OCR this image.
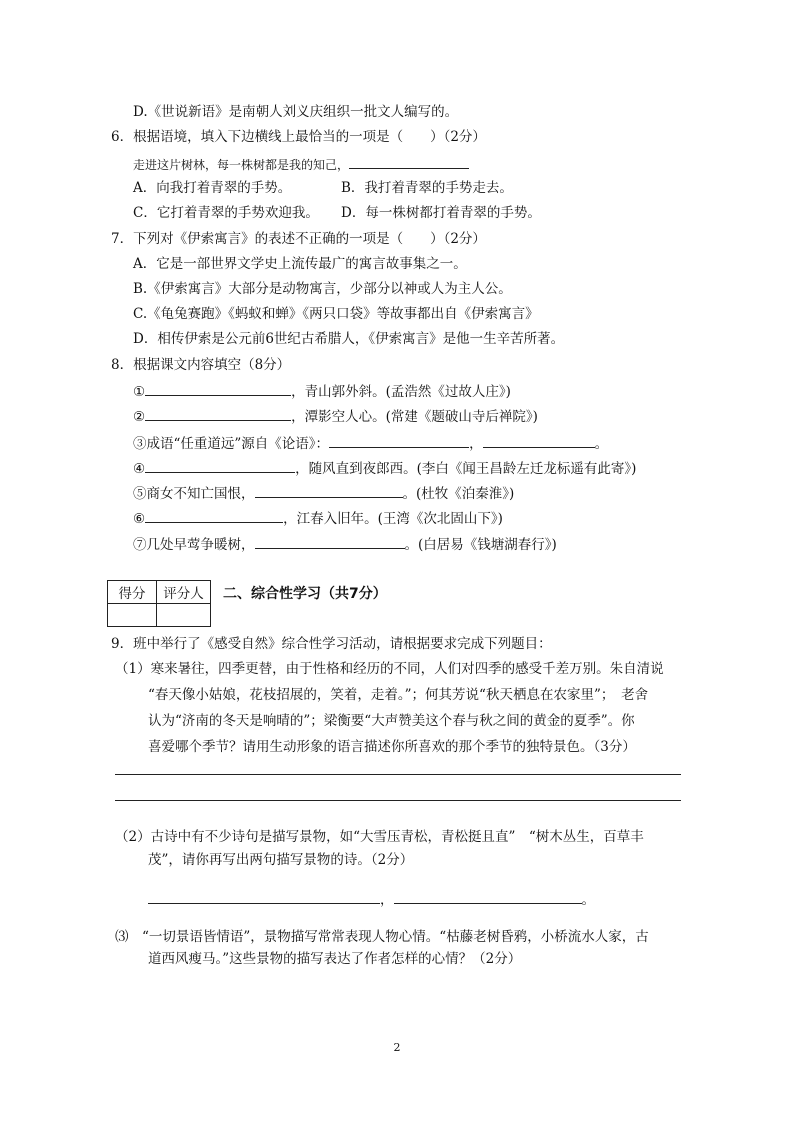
D.《世说新语》是南朝人刘义庆组织一批文人编写的。
6．根据语境，填入下边横线上最恰当的一项是（　　）（2分）
走进这片树林，每一株树都是我的知己，
A．向我打着青翠的手势。	B．我打着青翠的手势走去。
C．它打着青翠的手势欢迎我。 D．每一株树都打着青翠的手势。
7．下列对《伊索寓言》的表述不正确的一项是（　　）（2分）
A．它是一部世界文学史上流传最广的寓言故事集之一。
B.《伊索寓言》大部分是动物寓言，少部分以神或人为主人公。
C.《龟兔赛跑》《蚂蚁和蝉》《两只口袋》等故事都出自《伊索寓言》
D．相传伊索是公元前6世纪古希腊人，《伊索寓言》是他一生辛苦所著。
8．根据课文内容填空（8分）
①	，青山郭外斜。(孟浩然《过故人庄》)
②	，潭影空人心。(常建《题破山寺后禅院》)
③成语“任重道远”源自《论语》：	，	。
④	，随风直到夜郎西。(李白《闻王昌龄左迁龙标遥有此寄》)
⑤商女不知亡国恨，	。(杜牧《泊秦淮》)
⑥	，江春入旧年。(王湾《次北固山下》)
⑦几处早莺争暖树，	。(白居易《钱塘湖春行》)
得分	评分人
	二、综合性学习（共7分）
9．班中举行了《感受自然》综合性学习活动，请根据要求完成下列题目：
（1）寒来暑往，四季更替，由于性格和经历的不同，人们对四季的感受千差万别。朱自清说
“春天像小姑娘，花枝招展的，笑着，走着。”；何其芳说“秋天栖息在农家里”；　老舍
认为“济南的冬天是响晴的”；梁衡要“大声赞美这个春与秋之间的黄金的夏季”。你
喜爱哪个季节？请用生动形象的语言描述你所喜欢的那个季节的独特景色。（3分）
（2）古诗中有不少诗句是描写景物，如“大雪压青松，青松挺且直”　“树木丛生，百草丰
茂”，请你再写出两句描写景物的诗。（2分）
，	。
⑶　“一切景语皆情语”，景物描写常常表现人物心情。“枯藤老树昏鸦，小桥流水人家，古
道西风瘦马。”这些景物的描写表达了作者怎样的心情？（2分）
2
